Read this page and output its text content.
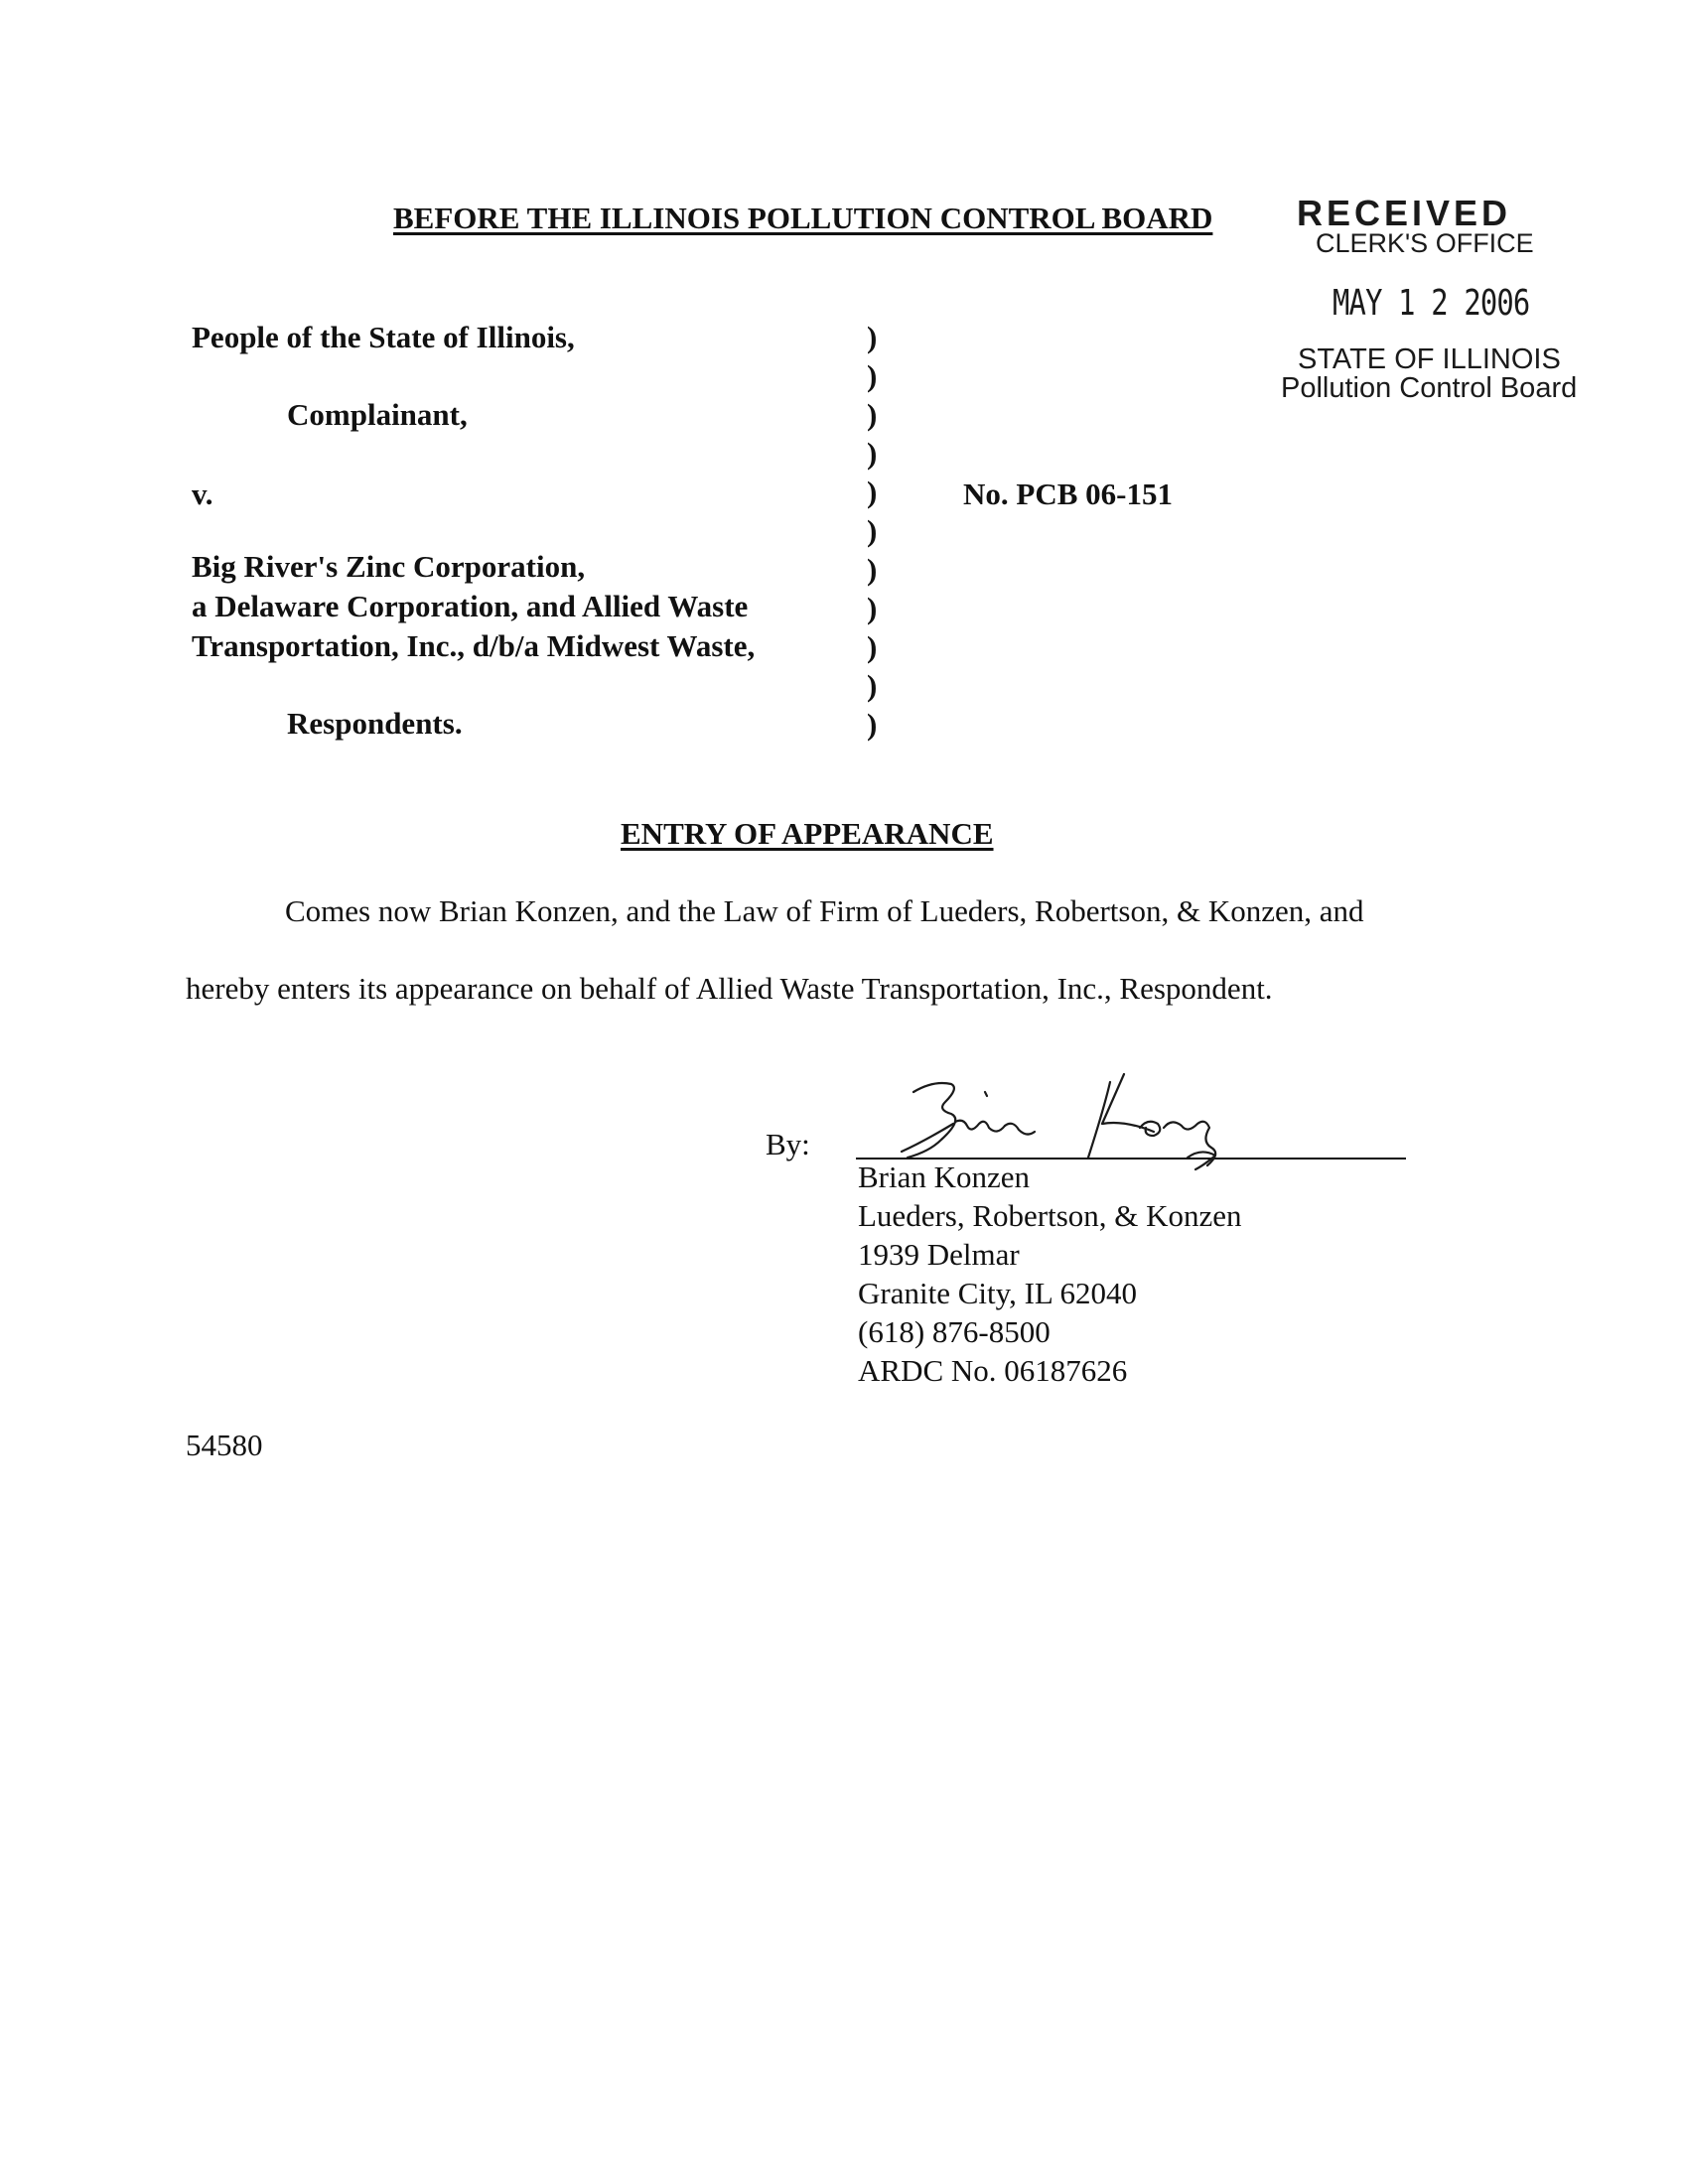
BEFORE THE ILLINOIS POLLUTION CONTROL BOARD RECEIVED
CLERK'S OFFICE
MAY 1 2 2006
STATE OF ILLINOIS
Pollution Control Board
People of the State of Illinois,
Complainant,
v.
Big River's Zinc Corporation,
a Delaware Corporation, and Allied Waste
Transportation, Inc., d/b/a Midwest Waste,
Respondents.
)
)
)
)
)
)
)
)
)
)
)
No. PCB 06-151
ENTRY OF APPEARANCE
Comes now Brian Konzen, and the Law of Firm of Lueders, Robertson, & Konzen, and
hereby enters its appearance on behalf of Allied Waste Transportation, Inc., Respondent.
By:
Brian Konzen
Lueders, Robertson, & Konzen
1939 Delmar
Granite City, IL 62040
(618) 876-8500
ARDC No. 06187626
54580
